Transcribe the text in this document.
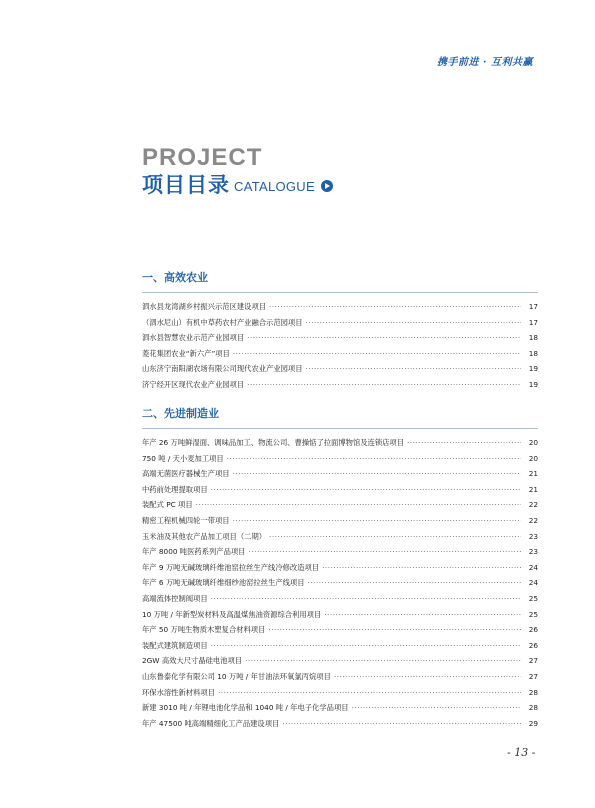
携手前进 · 互利共赢
PROJECT
项目目录 CATALOGUE
一、高效农业
泗水县龙湾湖乡村振兴示范区建设项目 ·····	17
（泗水尼山）有机中草药农村产业融合示范园项目 ·····	17
泗水县智慧农业示范产业园项目 ·····	18
菱花集团农业“新六产”项目 ·····	18
山东济宁南阳湖农场有限公司现代农业产业园项目 ·····	19
济宁经开区现代农业产业园项目 ·····	19
二、先进制造业
年产 26 万吨鲜湿面、调味品加工、物流公司、曹操惦了拉面博物馆及连锁店项目 ·····	20
750 吨 / 天小麦加工项目 ·····	20
高端无菌医疗器械生产项目 ·····	21
中药前处理提取项目 ·····	21
装配式 PC 项目 ·····	22
精密工程机械四轮一带项目 ·····	22
玉米油及其他农产品加工项目（二期） ·····	23
年产 8000 吨医药系列产品项目 ·····	23
年产 9 万吨无碱玻璃纤维池窑拉丝生产线冷修改造项目 ·····	24
年产 6 万吨无碱玻璃纤维细纱池窑拉丝生产线项目 ·····	24
高端流体控制阀项目 ·····	25
10 万吨 / 年新型炭材料及高温煤焦油资源综合利用项目 ·····	25
年产 50 万吨生物质木塑复合材料项目 ·····	26
装配式建筑制造项目 ·····	26
2GW 高效大尺寸晶硅电池项目 ·····	27
山东鲁泰化学有限公司 10 万吨 / 年甘油法环氧氯丙烷项目 ·····	27
环保水溶性新材料项目 ·····	28
新建 3010 吨 / 年锂电池化学品和 1040 吨 / 年电子化学品项目 ·····	28
年产 47500 吨高端精细化工产品建设项目 ·····	29
- 13 -
